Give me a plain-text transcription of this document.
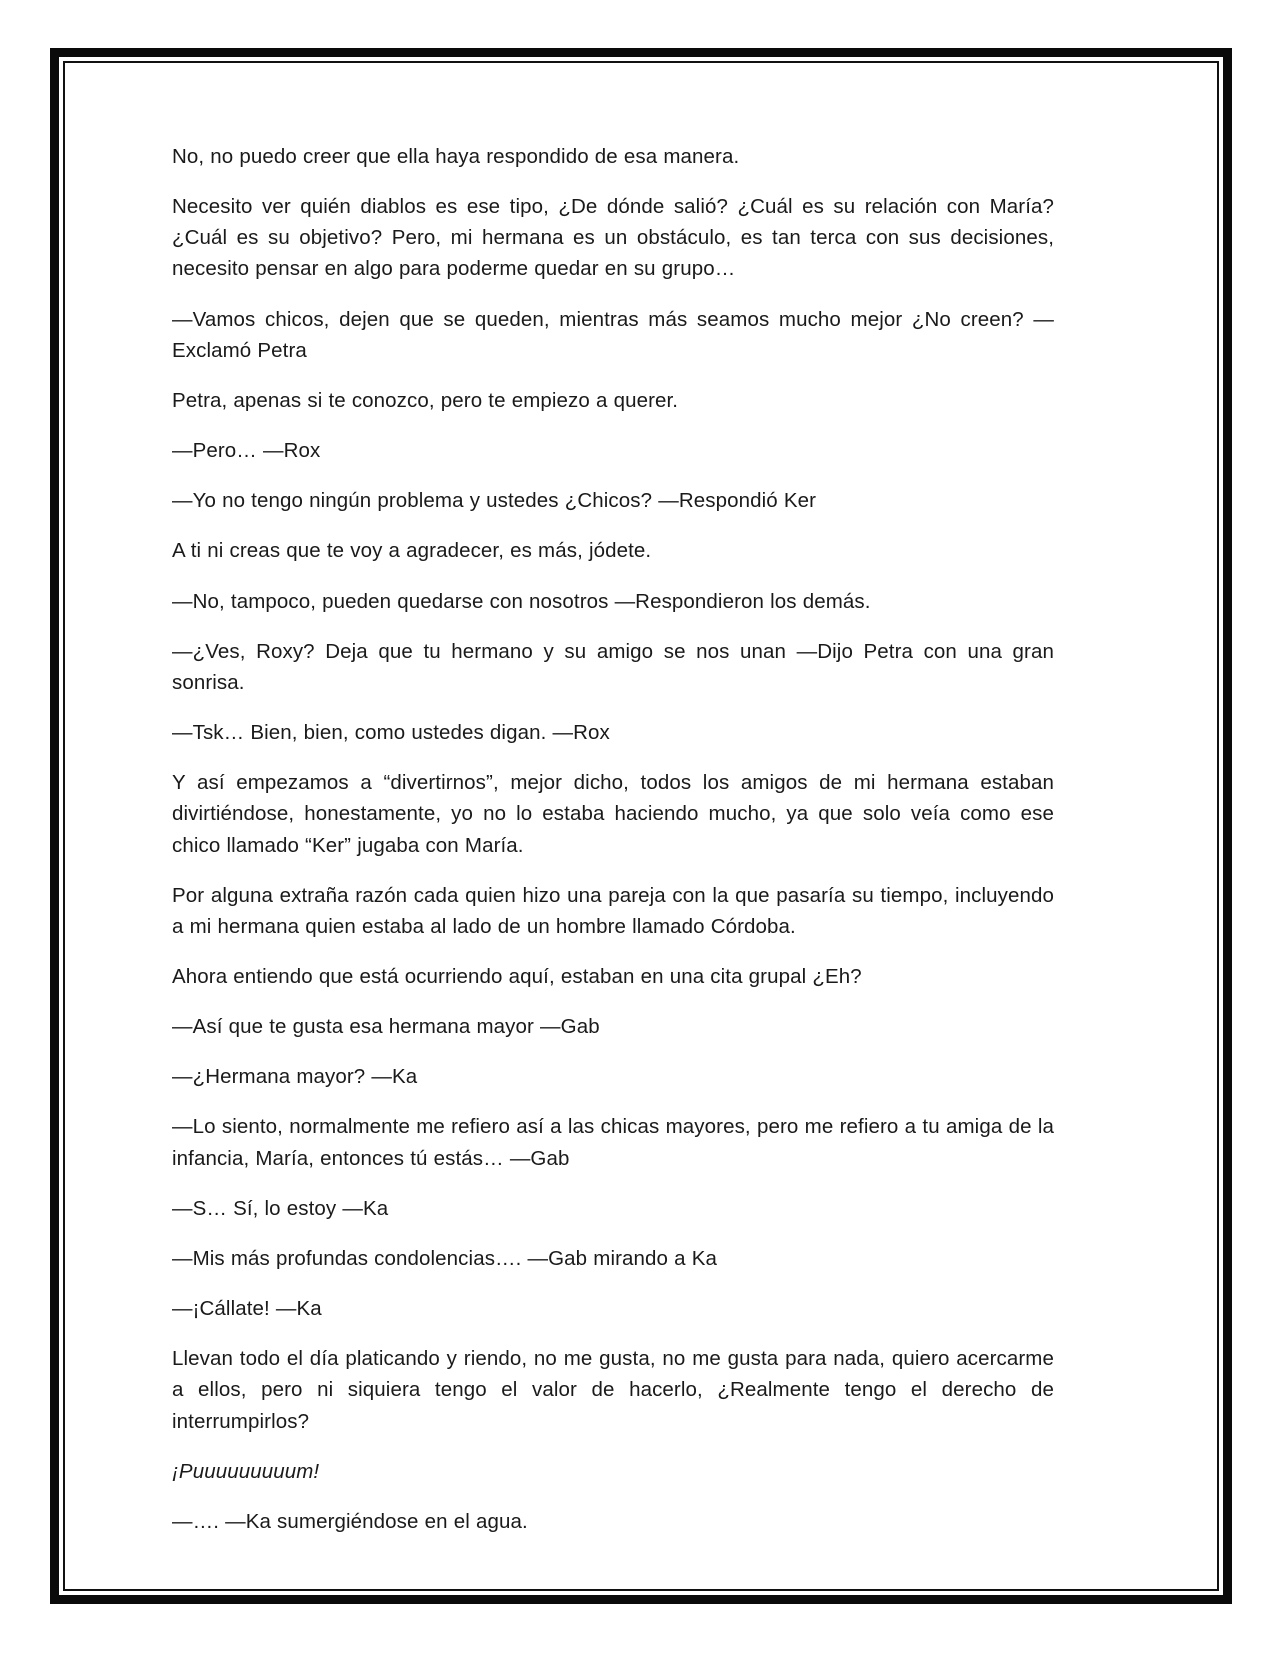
No, no puedo creer que ella haya respondido de esa manera.

Necesito ver quién diablos es ese tipo, ¿De dónde salió? ¿Cuál es su relación con María? ¿Cuál es su objetivo? Pero, mi hermana es un obstáculo, es tan terca con sus decisiones, necesito pensar en algo para poderme quedar en su grupo…

—Vamos chicos, dejen que se queden, mientras más seamos mucho mejor ¿No creen? —Exclamó Petra

Petra, apenas si te conozco, pero te empiezo a querer.

—Pero… —Rox

—Yo no tengo ningún problema y ustedes ¿Chicos? —Respondió Ker

A ti ni creas que te voy a agradecer, es más, jódete.

—No, tampoco, pueden quedarse con nosotros —Respondieron los demás.

—¿Ves, Roxy? Deja que tu hermano y su amigo se nos unan —Dijo Petra con una gran sonrisa.

—Tsk… Bien, bien, como ustedes digan. —Rox

Y así empezamos a “divertirnos”, mejor dicho, todos los amigos de mi hermana estaban divirtiéndose, honestamente, yo no lo estaba haciendo mucho, ya que solo veía como ese chico llamado “Ker” jugaba con María.

Por alguna extraña razón cada quien hizo una pareja con la que pasaría su tiempo, incluyendo a mi hermana quien estaba al lado de un hombre llamado Córdoba.

Ahora entiendo que está ocurriendo aquí, estaban en una cita grupal ¿Eh?

—Así que te gusta esa hermana mayor —Gab

—¿Hermana mayor? —Ka

—Lo siento, normalmente me refiero así a las chicas mayores, pero me refiero a tu amiga de la infancia, María, entonces tú estás… —Gab

—S… Sí, lo estoy —Ka

—Mis más profundas condolencias…. —Gab mirando a Ka

—¡Cállate! —Ka

Llevan todo el día platicando y riendo, no me gusta, no me gusta para nada, quiero acercarme a ellos, pero ni siquiera tengo el valor de hacerlo, ¿Realmente tengo el derecho de interrumpirlos?

¡Puuuuuuuuum!

—…. —Ka sumergiéndose en el agua.
